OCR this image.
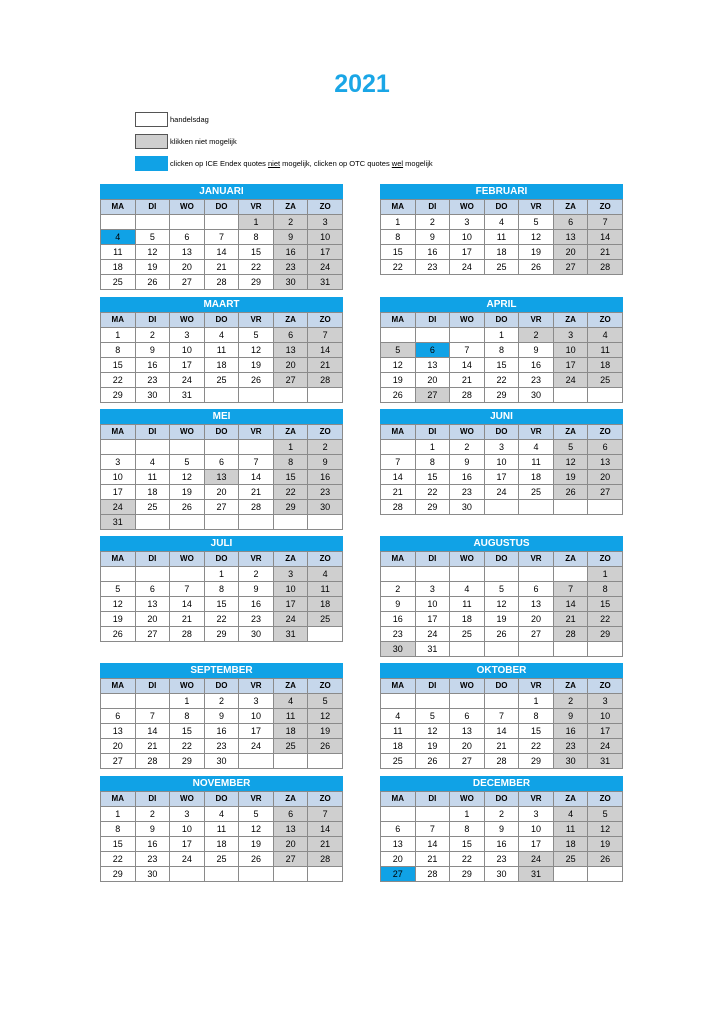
2021
handelsdag
klikken niet mogelijk
clicken op ICE Endex quotes niet mogelijk, clicken op OTC quotes wel mogelijk
JANUARI
MA	DI	WO	DO	VR	ZA	ZO
				1	2	3
4	5	6	7	8	9	10
11	12	13	14	15	16	17
18	19	20	21	22	23	24
25	26	27	28	29	30	31
FEBRUARI
MA	DI	WO	DO	VR	ZA	ZO
1	2	3	4	5	6	7
8	9	10	11	12	13	14
15	16	17	18	19	20	21
22	23	24	25	26	27	28
MAART
MA	DI	WO	DO	VR	ZA	ZO
1	2	3	4	5	6	7
8	9	10	11	12	13	14
15	16	17	18	19	20	21
22	23	24	25	26	27	28
29	30	31				
APRIL
MA	DI	WO	DO	VR	ZA	ZO
			1	2	3	4
5	6	7	8	9	10	11
12	13	14	15	16	17	18
19	20	21	22	23	24	25
26	27	28	29	30		
MEI
MA	DI	WO	DO	VR	ZA	ZO
					1	2
3	4	5	6	7	8	9
10	11	12	13	14	15	16
17	18	19	20	21	22	23
24	25	26	27	28	29	30
31						
JUNI
MA	DI	WO	DO	VR	ZA	ZO
	1	2	3	4	5	6
7	8	9	10	11	12	13
14	15	16	17	18	19	20
21	22	23	24	25	26	27
28	29	30				
JULI
MA	DI	WO	DO	VR	ZA	ZO
			1	2	3	4
5	6	7	8	9	10	11
12	13	14	15	16	17	18
19	20	21	22	23	24	25
26	27	28	29	30	31	
AUGUSTUS
MA	DI	WO	DO	VR	ZA	ZO
						1
2	3	4	5	6	7	8
9	10	11	12	13	14	15
16	17	18	19	20	21	22
23	24	25	26	27	28	29
30	31					
SEPTEMBER
MA	DI	WO	DO	VR	ZA	ZO
		1	2	3	4	5
6	7	8	9	10	11	12
13	14	15	16	17	18	19
20	21	22	23	24	25	26
27	28	29	30			
OKTOBER
MA	DI	WO	DO	VR	ZA	ZO
				1	2	3
4	5	6	7	8	9	10
11	12	13	14	15	16	17
18	19	20	21	22	23	24
25	26	27	28	29	30	31
NOVEMBER
MA	DI	WO	DO	VR	ZA	ZO
1	2	3	4	5	6	7
8	9	10	11	12	13	14
15	16	17	18	19	20	21
22	23	24	25	26	27	28
29	30					
DECEMBER
MA	DI	WO	DO	VR	ZA	ZO
		1	2	3	4	5
6	7	8	9	10	11	12
13	14	15	16	17	18	19
20	21	22	23	24	25	26
27	28	29	30	31		
